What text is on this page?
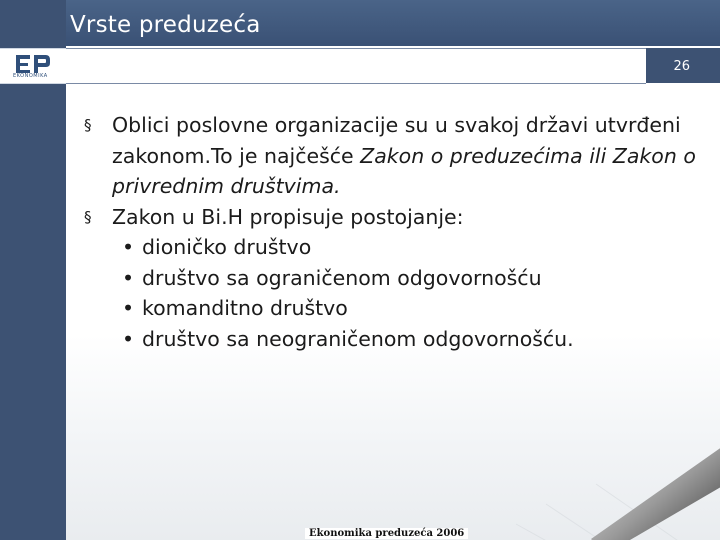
Vrste preduzeća
EKONOMIKA
26
§ Oblici poslovne organizacije su u svakoj državi utvrđeni zakonom.To je najčešće Zakon o preduzećima ili Zakon o privrednim društvima.
§ Zakon u Bi.H propisuje postojanje:
• dioničko društvo
• društvo sa ograničenom odgovornošću
• komanditno društvo
• društvo sa neograničenom odgovornošću.
Ekonomika preduzeća 2006
